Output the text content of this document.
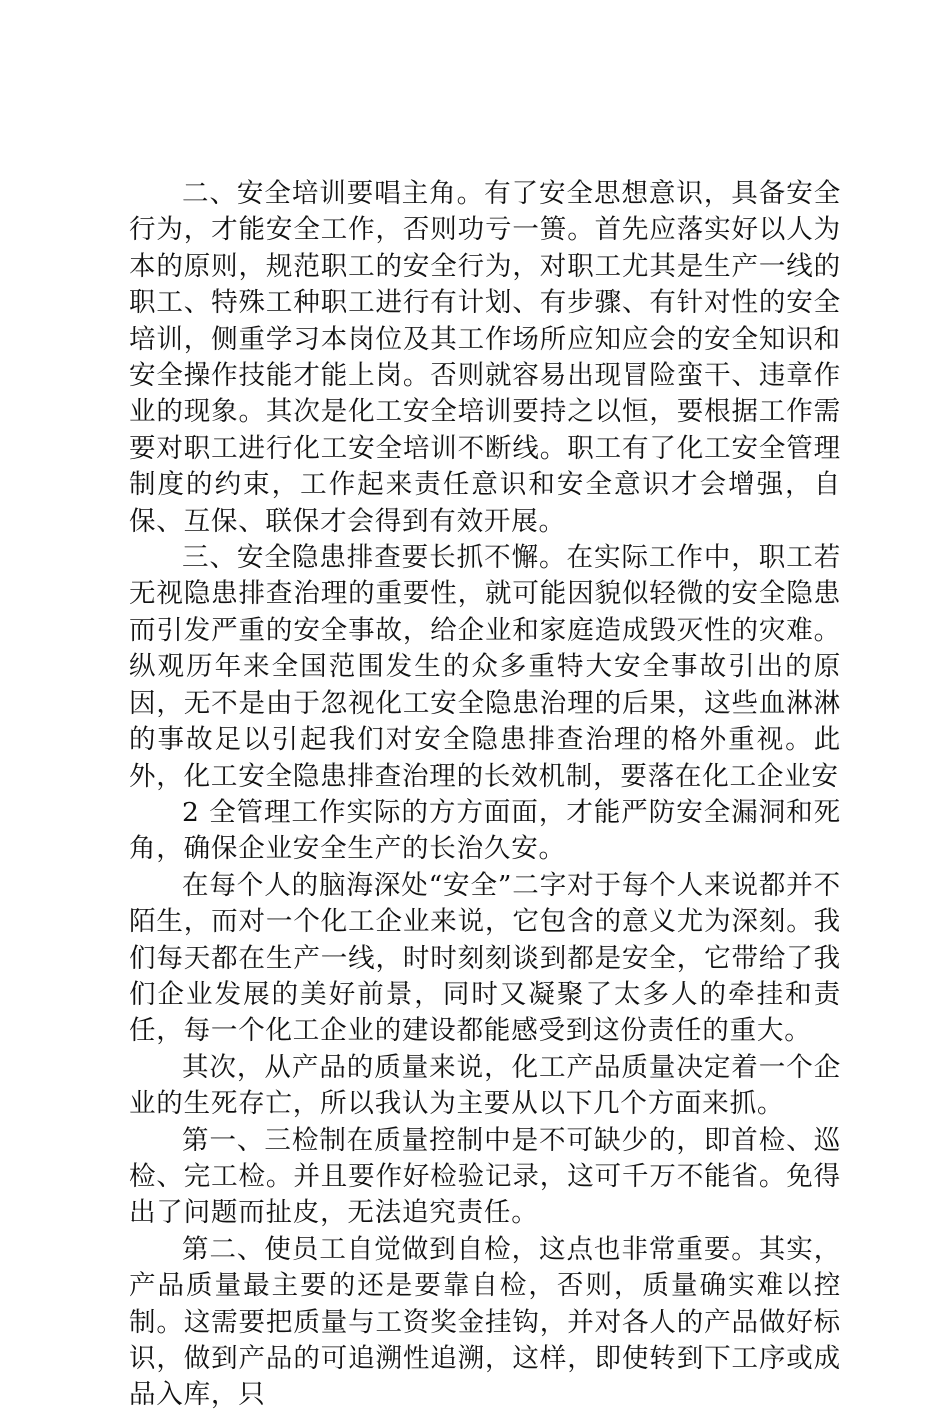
二、安全培训要唱主角。有了安全思想意识，具备安全行为，才能安全工作，否则功亏一篑。首先应落实好以人为本的原则，规范职工的安全行为，对职工尤其是生产一线的职工、特殊工种职工进行有计划、有步骤、有针对性的安全培训，侧重学习本岗位及其工作场所应知应会的安全知识和安全操作技能才能上岗。否则就容易出现冒险蛮干、违章作业的现象。其次是化工安全培训要持之以恒，要根据工作需要对职工进行化工安全培训不断线。职工有了化工安全管理制度的约束，工作起来责任意识和安全意识才会增强，自保、互保、联保才会得到有效开展。

三、安全隐患排查要长抓不懈。在实际工作中，职工若无视隐患排查治理的重要性，就可能因貌似轻微的安全隐患而引发严重的安全事故，给企业和家庭造成毁灭性的灾难。纵观历年来全国范围发生的众多重特大安全事故引出的原因，无不是由于忽视化工安全隐患治理的后果，这些血淋淋的事故足以引起我们对安全隐患排查治理的格外重视。此外，化工安全隐患排查治理的长效机制，要落在化工企业安

2 全管理工作实际的方方面面，才能严防安全漏洞和死角，确保企业安全生产的长治久安。

在每个人的脑海深处“安全”二字对于每个人来说都并不陌生，而对一个化工企业来说，它包含的意义尤为深刻。我们每天都在生产一线，时时刻刻谈到都是安全，它带给了我们企业发展的美好前景，同时又凝聚了太多人的牵挂和责任，每一个化工企业的建设都能感受到这份责任的重大。

其次，从产品的质量来说，化工产品质量决定着一个企业的生死存亡，所以我认为主要从以下几个方面来抓。

第一、三检制在质量控制中是不可缺少的，即首检、巡检、完工检。并且要作好检验记录，这可千万不能省。免得出了问题而扯皮，无法追究责任。

第二、使员工自觉做到自检，这点也非常重要。其实，产品质量最主要的还是要靠自检，否则，质量确实难以控制。这需要把质量与工资奖金挂钩，并对各人的产品做好标识，做到产品的可追溯性追溯，这样，即使转到下工序或成品入库，只
